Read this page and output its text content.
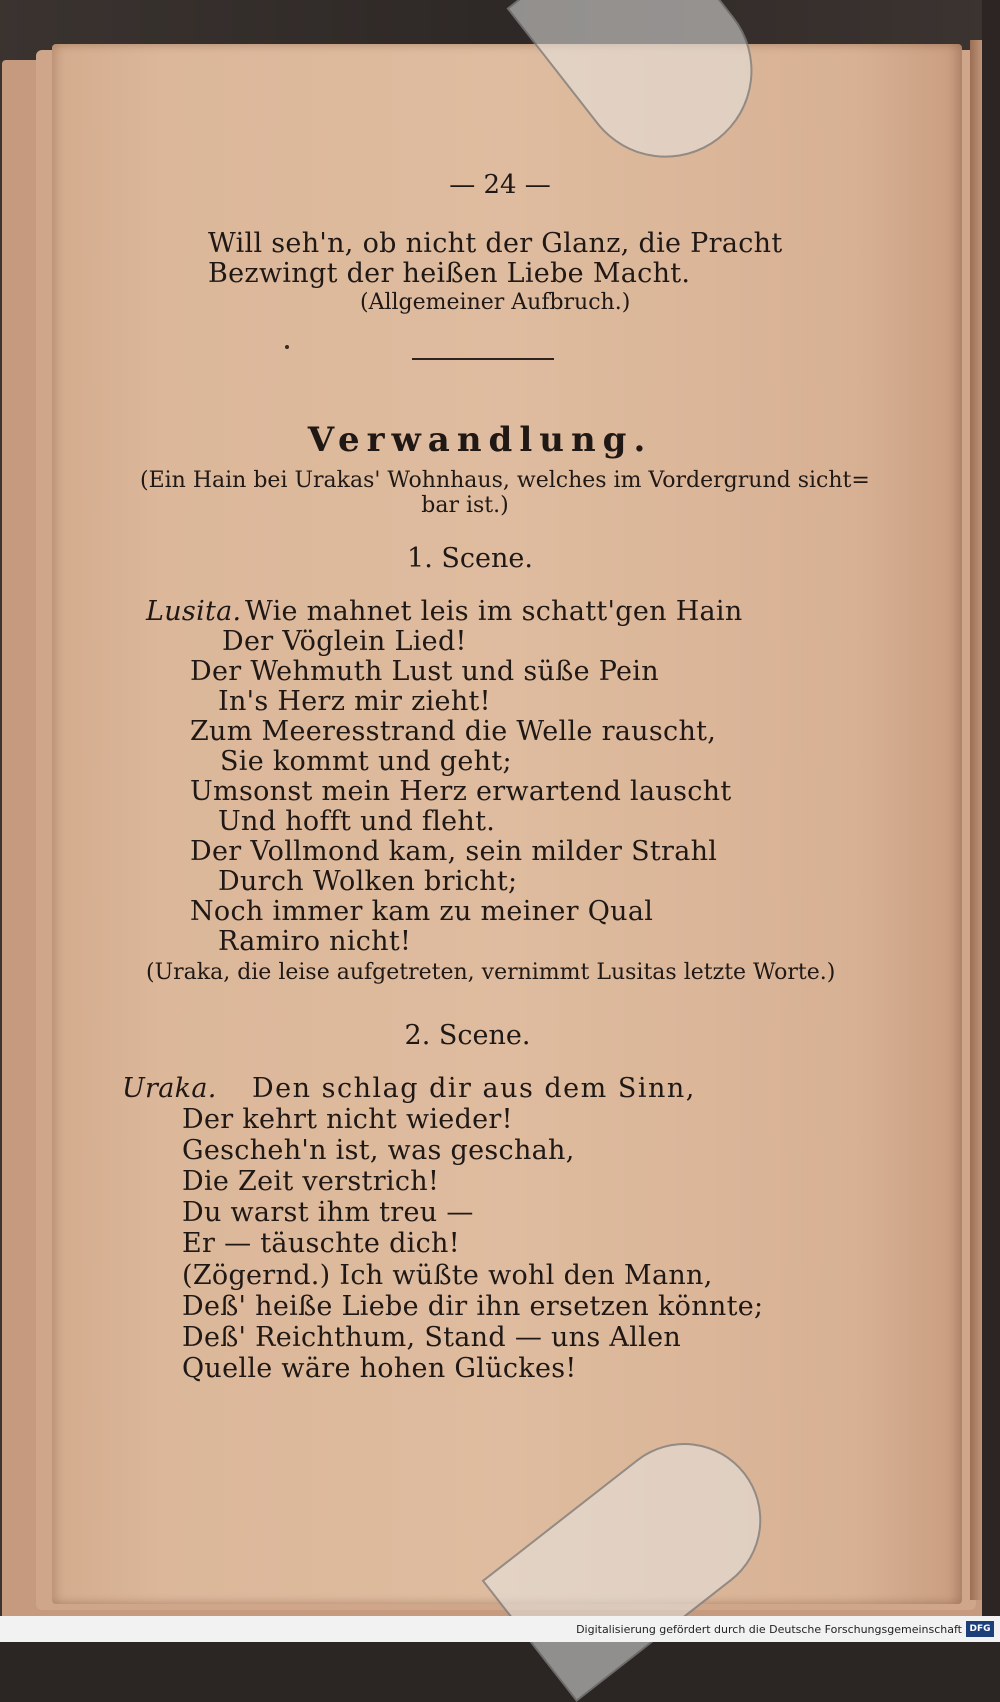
— 24 —
Will seh'n, ob nicht der Glanz, die Pracht
Bezwingt der heißen Liebe Macht.
(Allgemeiner Aufbruch.)
Verwandlung.
(Ein Hain bei Urakas' Wohnhaus, welches im Vordergrund sicht=
bar ist.)
1. Scene.
Lusita. Wie mahnet leis im schatt'gen Hain
Der Vöglein Lied!
Der Wehmuth Lust und süße Pein
In's Herz mir zieht!
Zum Meeresstrand die Welle rauscht,
Sie kommt und geht;
Umsonst mein Herz erwartend lauscht
Und hofft und fleht.
Der Vollmond kam, sein milder Strahl
Durch Wolken bricht;
Noch immer kam zu meiner Qual
Ramiro nicht!
(Uraka, die leise aufgetreten, vernimmt Lusitas letzte Worte.)
2. Scene.
Uraka. Den schlag dir aus dem Sinn,
Der kehrt nicht wieder!
Gescheh'n ist, was geschah,
Die Zeit verstrich!
Du warst ihm treu —
Er — täuschte dich!
(Zögernd.) Ich wüßte wohl den Mann,
Deß' heiße Liebe dir ihn ersetzen könnte;
Deß' Reichthum, Stand — uns Allen
Quelle wäre hohen Glückes!
Digitalisierung gefördert durch die Deutsche Forschungsgemeinschaft DFG
